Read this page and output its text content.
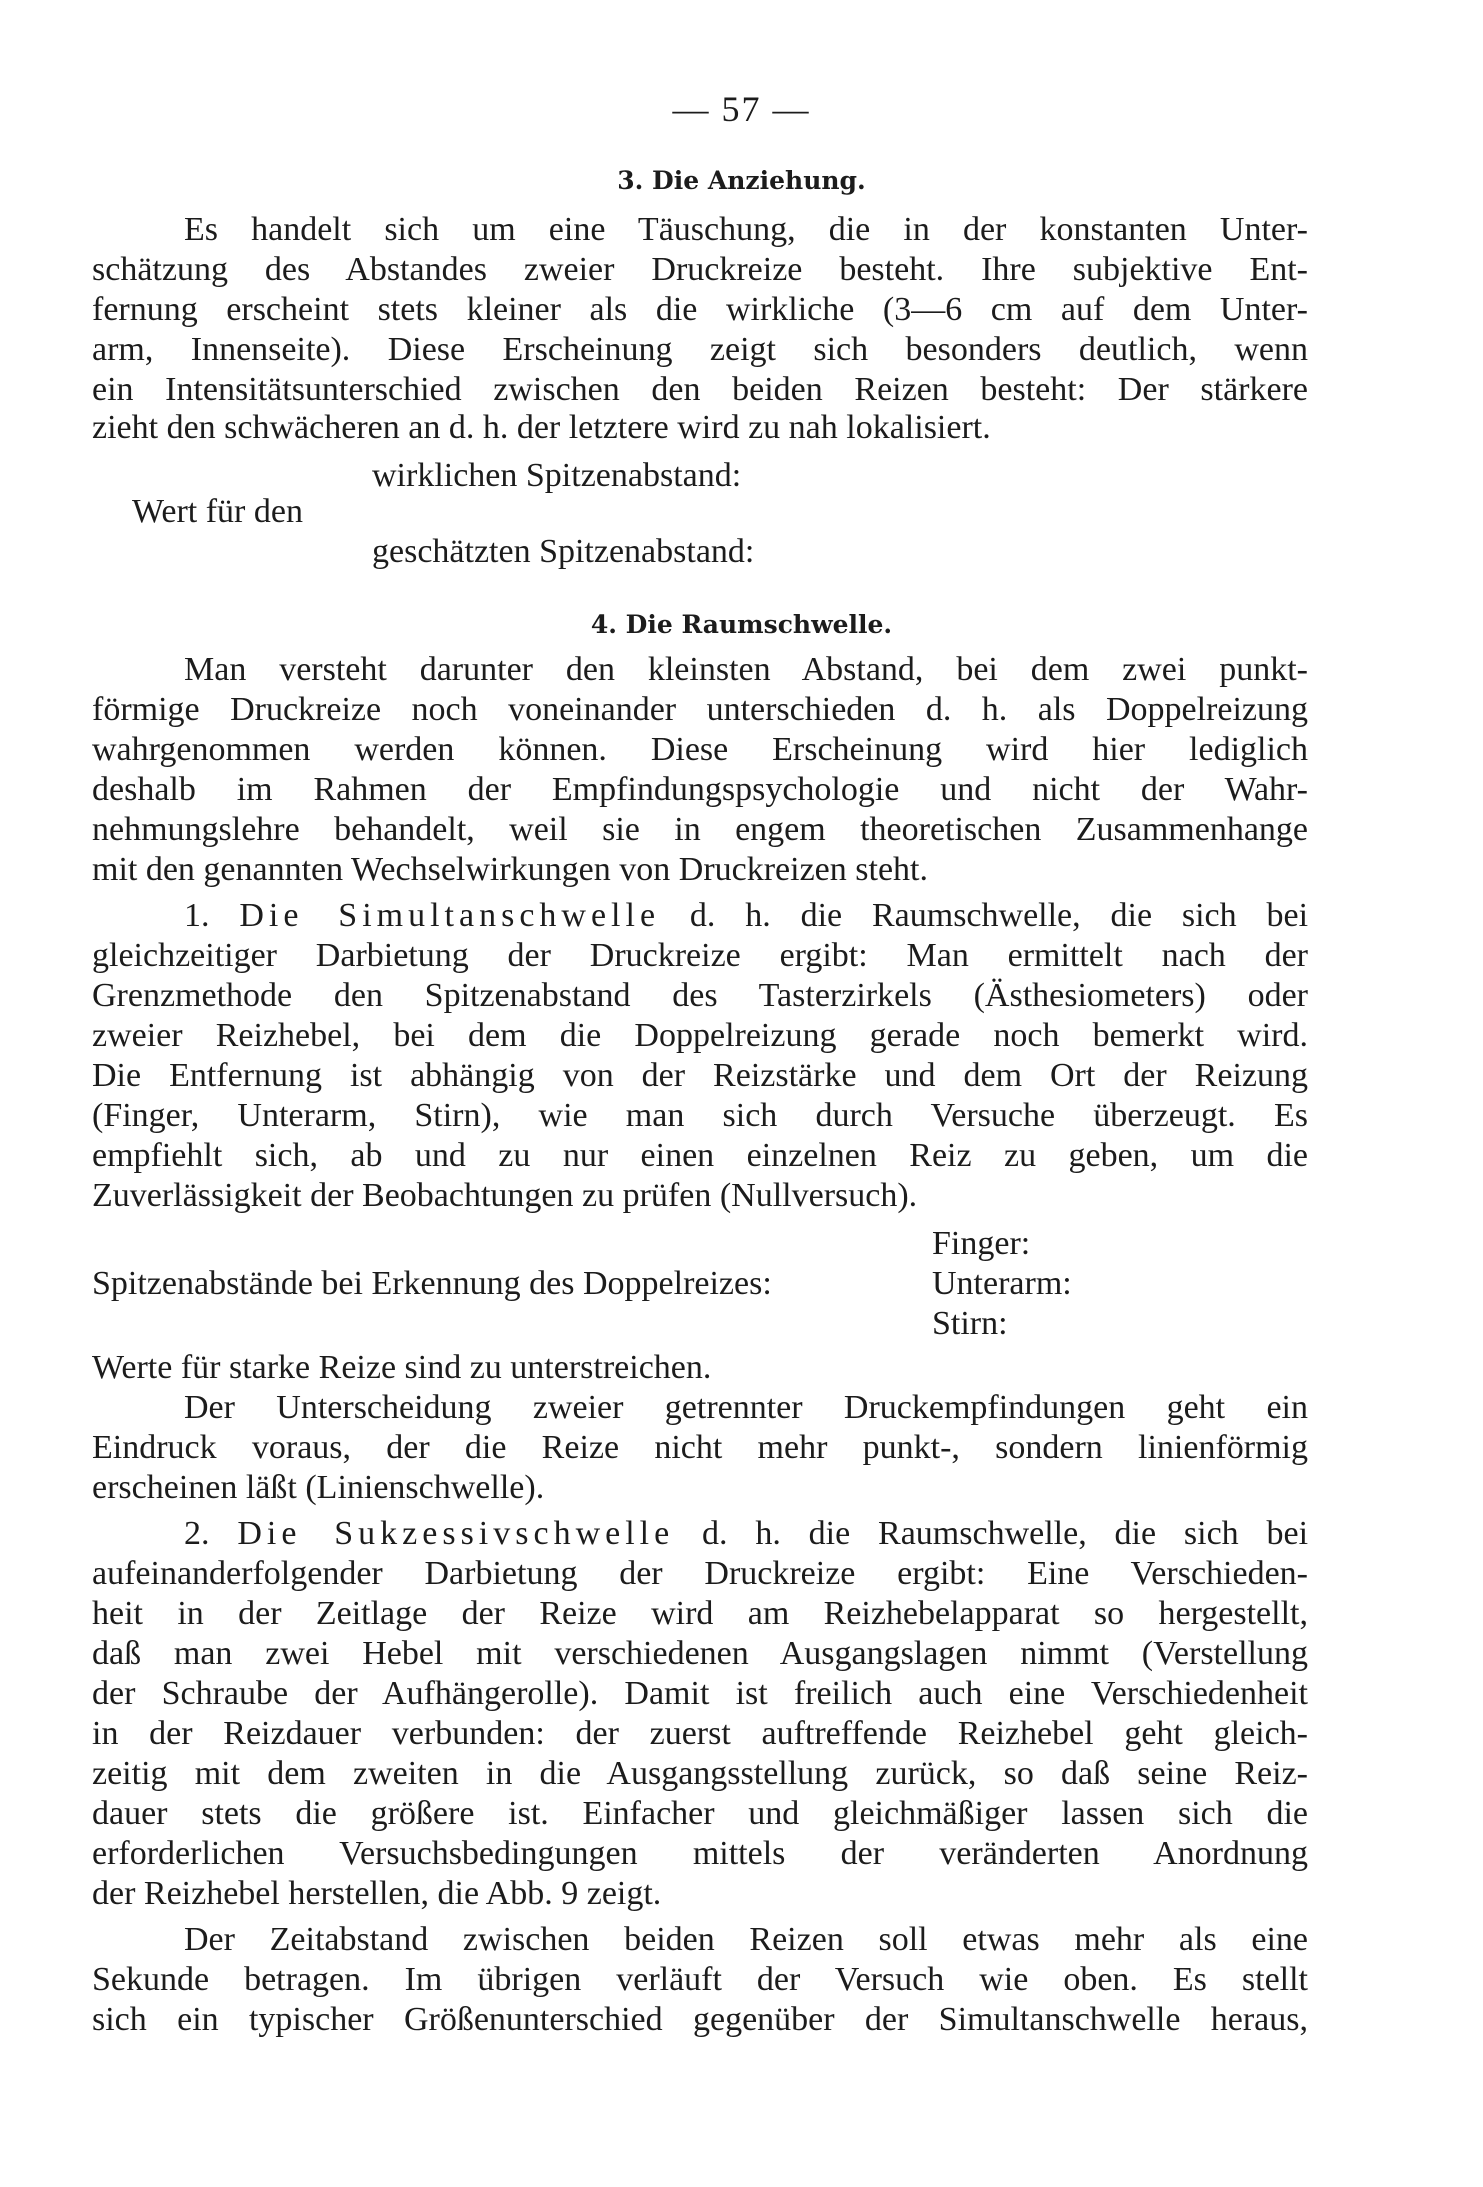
— 57 —
3. Die Anziehung.
Es handelt sich um eine Täuschung, die in der konstanten Unter-
schätzung des Abstandes zweier Druckreize besteht. Ihre subjektive Ent-
fernung erscheint stets kleiner als die wirkliche (3—6 cm auf dem Unter-
arm, Innenseite). Diese Erscheinung zeigt sich besonders deutlich, wenn
ein Intensitätsunterschied zwischen den beiden Reizen besteht: Der stärkere
zieht den schwächeren an d. h. der letztere wird zu nah lokalisiert.
wirklichen Spitzenabstand:
Wert für den
geschätzten Spitzenabstand:
4. Die Raumschwelle.
Man versteht darunter den kleinsten Abstand, bei dem zwei punkt-
förmige Druckreize noch voneinander unterschieden d. h. als Doppelreizung
wahrgenommen werden können. Diese Erscheinung wird hier lediglich
deshalb im Rahmen der Empfindungspsychologie und nicht der Wahr-
nehmungslehre behandelt, weil sie in engem theoretischen Zusammenhange
mit den genannten Wechselwirkungen von Druckreizen steht.
1. Die Simultanschwelle d. h. die Raumschwelle, die sich bei
gleichzeitiger Darbietung der Druckreize ergibt: Man ermittelt nach der
Grenzmethode den Spitzenabstand des Tasterzirkels (Ästhesiometers) oder
zweier Reizhebel, bei dem die Doppelreizung gerade noch bemerkt wird.
Die Entfernung ist abhängig von der Reizstärke und dem Ort der Reizung
(Finger, Unterarm, Stirn), wie man sich durch Versuche überzeugt. Es
empfiehlt sich, ab und zu nur einen einzelnen Reiz zu geben, um die
Zuverlässigkeit der Beobachtungen zu prüfen (Nullversuch).
Finger:
Spitzenabstände bei Erkennung des Doppelreizes:	Unterarm:
Stirn:
Werte für starke Reize sind zu unterstreichen.
Der Unterscheidung zweier getrennter Druckempfindungen geht ein
Eindruck voraus, der die Reize nicht mehr punkt-, sondern linienförmig
erscheinen läßt (Linienschwelle).
2. Die Sukzessivschwelle d. h. die Raumschwelle, die sich bei
aufeinanderfolgender Darbietung der Druckreize ergibt: Eine Verschieden-
heit in der Zeitlage der Reize wird am Reizhebelapparat so hergestellt,
daß man zwei Hebel mit verschiedenen Ausgangslagen nimmt (Verstellung
der Schraube der Aufhängerolle). Damit ist freilich auch eine Verschiedenheit
in der Reizdauer verbunden: der zuerst auftreffende Reizhebel geht gleich-
zeitig mit dem zweiten in die Ausgangsstellung zurück, so daß seine Reiz-
dauer stets die größere ist. Einfacher und gleichmäßiger lassen sich die
erforderlichen Versuchsbedingungen mittels der veränderten Anordnung
der Reizhebel herstellen, die Abb. 9 zeigt.
Der Zeitabstand zwischen beiden Reizen soll etwas mehr als eine
Sekunde betragen. Im übrigen verläuft der Versuch wie oben. Es stellt
sich ein typischer Größenunterschied gegenüber der Simultanschwelle heraus,
